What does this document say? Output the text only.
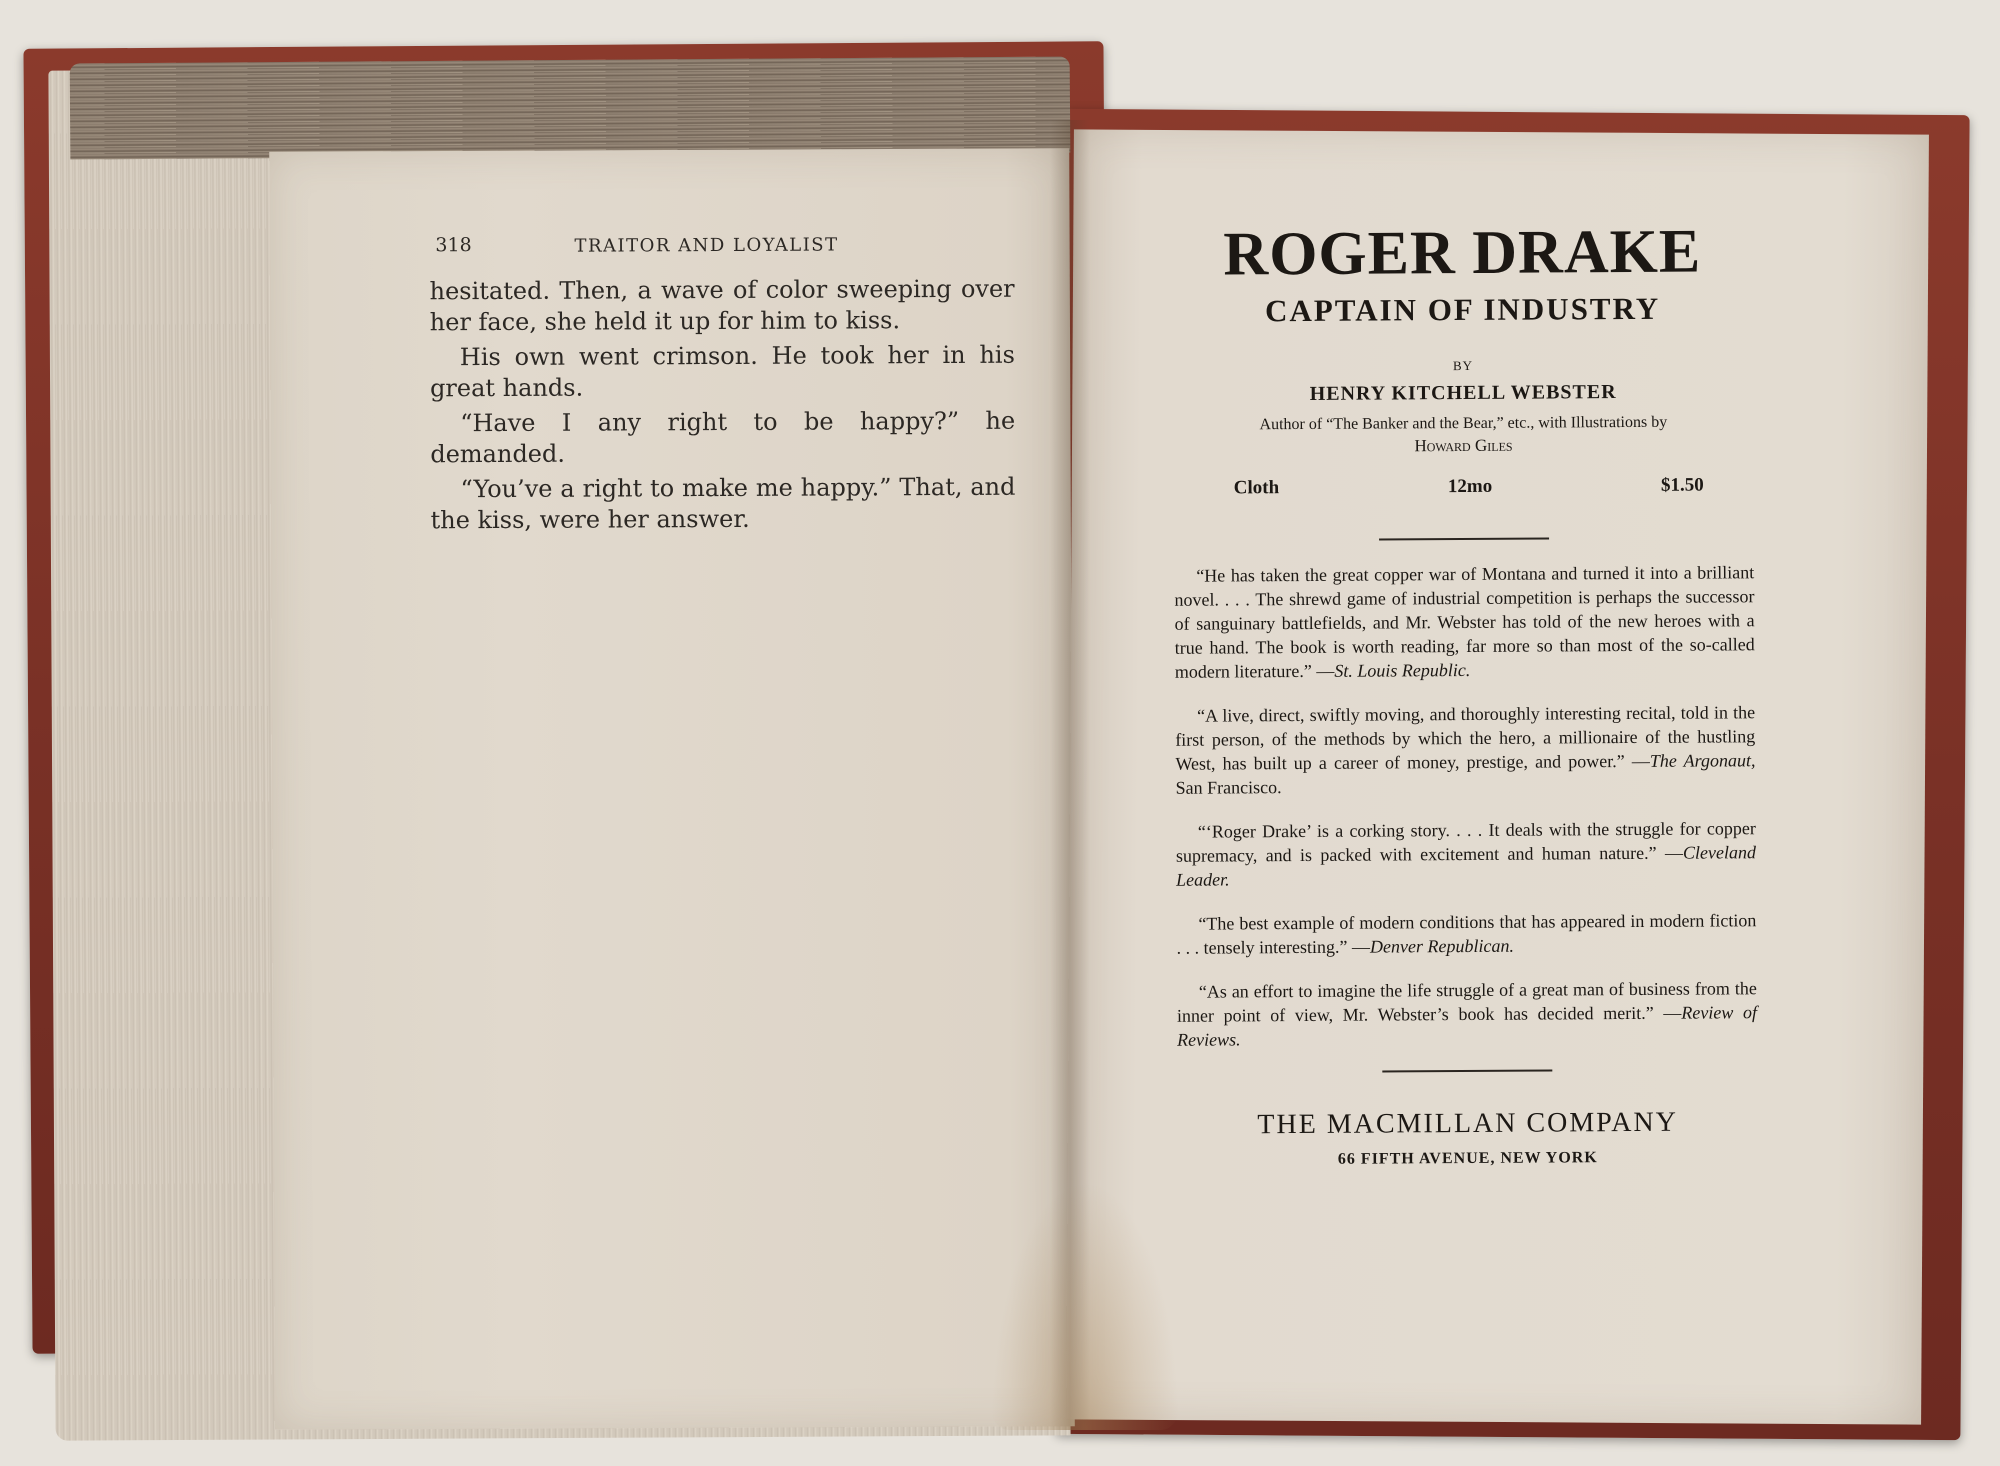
318	TRAITOR AND LOYALIST

hesitated. Then, a wave of color sweeping over her face, she held it up for him to kiss.

His own went crimson. He took her in his great hands.

“Have I any right to be happy?” he demanded.

“You’ve a right to make me happy.” That, and the kiss, were her answer.

ROGER DRAKE
CAPTAIN OF INDUSTRY
BY
HENRY KITCHELL WEBSTER
Author of “The Banker and the Bear,” etc., with Illustrations by
Howard Giles
Cloth	12mo	$1.50

“He has taken the great copper war of Montana and turned it into a brilliant novel. . . . The shrewd game of industrial competition is perhaps the successor of sanguinary battlefields, and Mr. Webster has told of the new heroes with a true hand. The book is worth reading, far more so than most of the so-called modern literature.” —St. Louis Republic.

“A live, direct, swiftly moving, and thoroughly interesting recital, told in the first person, of the methods by which the hero, a millionaire of the hustling West, has built up a career of money, prestige, and power.” —The Argonaut, San Francisco.

“‘Roger Drake’ is a corking story. . . . It deals with the struggle for copper supremacy, and is packed with excitement and human nature.” —Cleveland Leader.

“The best example of modern conditions that has appeared in modern fiction . . . tensely interesting.” —Denver Republican.

“As an effort to imagine the life struggle of a great man of business from the inner point of view, Mr. Webster’s book has decided merit.” —Review of Reviews.

THE MACMILLAN COMPANY
66 FIFTH AVENUE, NEW YORK
